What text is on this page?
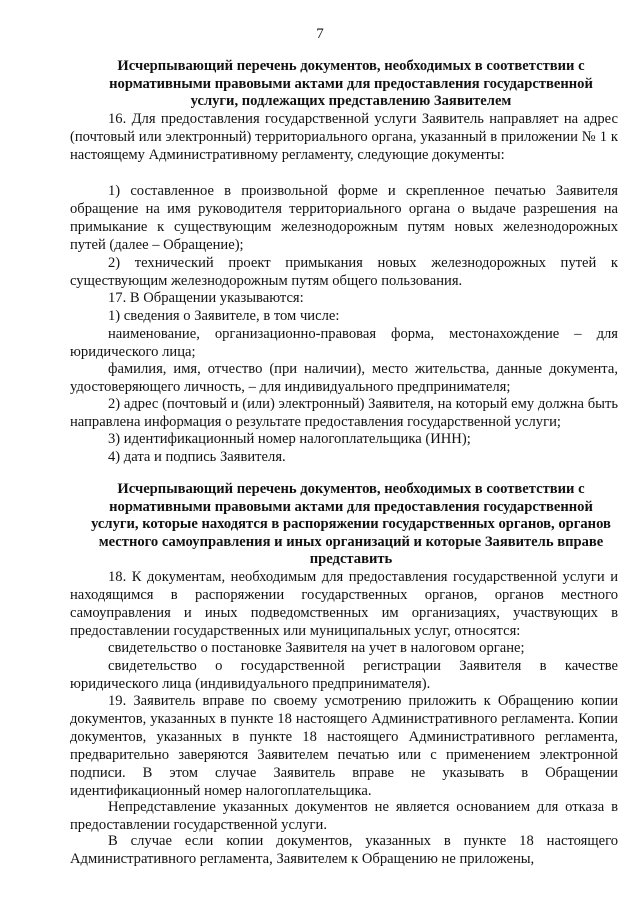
7
Исчерпывающий перечень документов, необходимых в соответствии с
нормативными правовыми актами для предоставления государственной
услуги, подлежащих представлению Заявителем

16. Для предоставления государственной услуги Заявитель направляет на адрес (почтовый или электронный) территориального органа, указанный в приложении № 1 к настоящему Административному регламенту, следующие документы:

1) составленное в произвольной форме и скрепленное печатью Заявителя обращение на имя руководителя территориального органа о выдаче разрешения на примыкание к существующим железнодорожным путям новых железнодорожных путей (далее – Обращение);

2) технический проект примыкания новых железнодорожных путей к существующим железнодорожным путям общего пользования.

17. В Обращении указываются:

1) сведения о Заявителе, в том числе:

наименование, организационно-правовая форма, местонахождение – для юридического лица;

фамилия, имя, отчество (при наличии), место жительства, данные документа, удостоверяющего личность, – для индивидуального предпринимателя;

2) адрес (почтовый и (или) электронный) Заявителя, на который ему должна быть направлена информация о результате предоставления государственной услуги;

3) идентификационный номер налогоплательщика (ИНН);

4) дата и подпись Заявителя.

Исчерпывающий перечень документов, необходимых в соответствии с
нормативными правовыми актами для предоставления государственной
услуги, которые находятся в распоряжении государственных органов, органов
местного самоуправления и иных организаций и которые Заявитель вправе
представить

18. К документам, необходимым для предоставления государственной услуги и находящимся в распоряжении государственных органов, органов местного самоуправления и иных подведомственных им организациях, участвующих в предоставлении государственных или муниципальных услуг, относятся:

свидетельство о постановке Заявителя на учет в налоговом органе;

свидетельство о государственной регистрации Заявителя в качестве юридического лица (индивидуального предпринимателя).

19. Заявитель вправе по своему усмотрению приложить к Обращению копии документов, указанных в пункте 18 настоящего Административного регламента. Копии документов, указанных в пункте 18 настоящего Административного регламента, предварительно заверяются Заявителем печатью или с применением электронной подписи. В этом случае Заявитель вправе не указывать в Обращении идентификационный номер налогоплательщика.

Непредставление указанных документов не является основанием для отказа в предоставлении государственной услуги.

В случае если копии документов, указанных в пункте 18 настоящего Административного регламента, Заявителем к Обращению не приложены,
